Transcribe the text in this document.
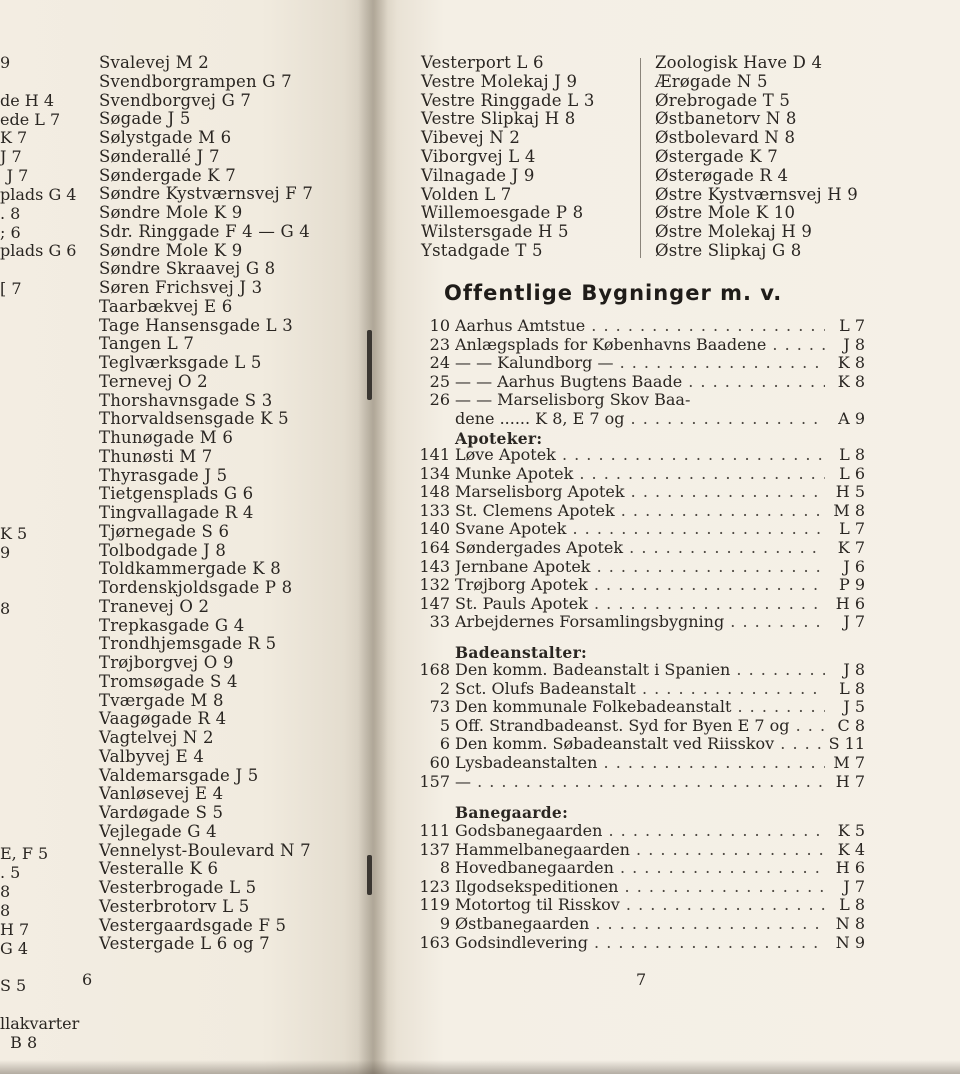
9

de H 4
ede L 7
K 7
J 7
  J 7
plads G 4
. 8
; 6
plads G 6

[ 7

K 5
9

8

E, F 5
. 5
8
8
H 7
G 4

S 5

llakvarter
B 8
Svalevej M 2
Svendborgrampen G 7
Svendborgvej G 7
Søgade J 5
Sølystgade M 6
Sønderallé J 7
Søndergade K 7
Søndre Kystværnsvej F 7
Søndre Mole K 9
Sdr. Ringgade F 4 — G 4
Søndre Mole K 9
Søndre Skraavej G 8
Søren Frichsvej J 3
Taarbækvej E 6
Tage Hansensgade L 3
Tangen L 7
Teglværksgade L 5
Ternevej O 2
Thorshavnsgade S 3
Thorvaldsensgade K 5
Thunøgade M 6
Thunøsti M 7
Thyrasgade J 5
Tietgensplads G 6
Tingvallagade R 4
Tjørnegade S 6
Tolbodgade J 8
Toldkammergade K 8
Tordenskjoldsgade P 8
Tranevej O 2
Trepkasgade G 4
Trondhjemsgade R 5
Trøjborgvej O 9
Tromsøgade S 4
Tværgade M 8
Vaagøgade R 4
Vagtelvej N 2
Valbyvej E 4
Valdemarsgade J 5
Vanløsevej E 4
Vardøgade S 5
Vejlegade G 4
Vennelyst-Boulevard N 7
Vesteralle K 6
Vesterbrogade L 5
Vesterbrotorv L 5
Vestergaardsgade F 5
Vestergade L 6 og 7
6
Vesterport L 6
Vestre Molekaj J 9
Vestre Ringgade L 3
Vestre Slipkaj H 8
Vibevej N 2
Viborgvej L 4
Vilnagade J 9
Volden L 7
Willemoesgade P 8
Wilstersgade H 5
Ystadgade T 5
Zoologisk Have D 4
Ærøgade N 5
Ørebrogade T 5
Østbanetorv N 8
Østbolevard N 8
Østergade K 7
Østerøgade R 4
Østre Kystværnsvej H 9
Østre Mole K 10
Østre Molekaj H 9
Østre Slipkaj G 8
Offentlige Bygninger m. v.
10 Aarhus Amtstue . . .	L 7
23 Anlægsplads for Københavns Baadene . . .	J 8
24 — — Kalundborg — . . .	K 8
25 — — Aarhus Bugtens Baade . . .	K 8
26 — — Marselisborg Skov Baa-
dene ...... K 8, E 7 og . . .	A 9
Apoteker:
141 Løve Apotek . . .	L 8
134 Munke Apotek . . .	L 6
148 Marselisborg Apotek . . .	H 5
133 St. Clemens Apotek . . .	M 8
140 Svane Apotek . . .	L 7
164 Søndergades Apotek . . .	K 7
143 Jernbane Apotek . . .	J 6
132 Trøjborg Apotek . . .	P 9
147 St. Pauls Apotek . . .	H 6
33 Arbejdernes Forsamlingsbygning . . .	J 7
Badeanstalter:
168 Den komm. Badeanstalt i Spanien . . .	J 8
2 Sct. Olufs Badeanstalt . . .	L 8
73 Den kommunale Folkebadeanstalt . . .	J 5
5 Off. Strandbadeanst. Syd for Byen E 7 og . . .	C 8
6 Den komm. Søbadeanstalt ved Riisskov . . .	S 11
60 Lysbadeanstalten . . .	M 7
157 — . . .	H 7
Banegaarde:
111 Godsbanegaarden . . .	K 5
137 Hammelbanegaarden . . .	K 4
8 Hovedbanegaarden . . .	H 6
123 Ilgodsekspeditionen . . .	J 7
119 Motortog til Risskov . . .	L 8
9 Østbanegaarden . . .	N 8
163 Godsindlevering . . .	N 9
7
